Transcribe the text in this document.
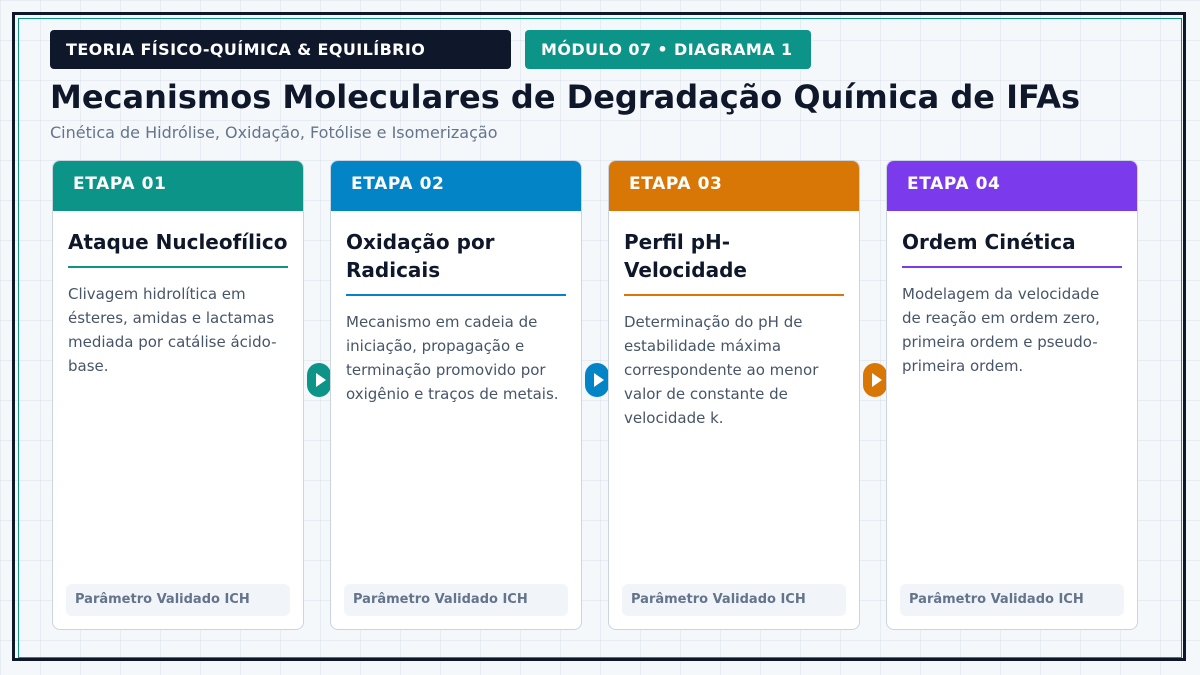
TEORIA FÍSICO-QUÍMICA & EQUILÍBRIO	MÓDULO 07 • DIAGRAMA 1
Mecanismos Moleculares de Degradação Química de IFAs
Cinética de Hidrólise, Oxidação, Fotólise e Isomerização
ETAPA 01
Ataque Nucleofílico
Clivagem hidrolítica em ésteres, amidas e lactamas mediada por catálise ácido-base.
Parâmetro Validado ICH
ETAPA 02
Oxidação por Radicais
Mecanismo em cadeia de iniciação, propagação e terminação promovido por oxigênio e traços de metais.
Parâmetro Validado ICH
ETAPA 03
Perfil pH-Velocidade
Determinação do pH de estabilidade máxima correspondente ao menor valor de constante de velocidade k.
Parâmetro Validado ICH
ETAPA 04
Ordem Cinética
Modelagem da velocidade de reação em ordem zero, primeira ordem e pseudo-primeira ordem.
Parâmetro Validado ICH
